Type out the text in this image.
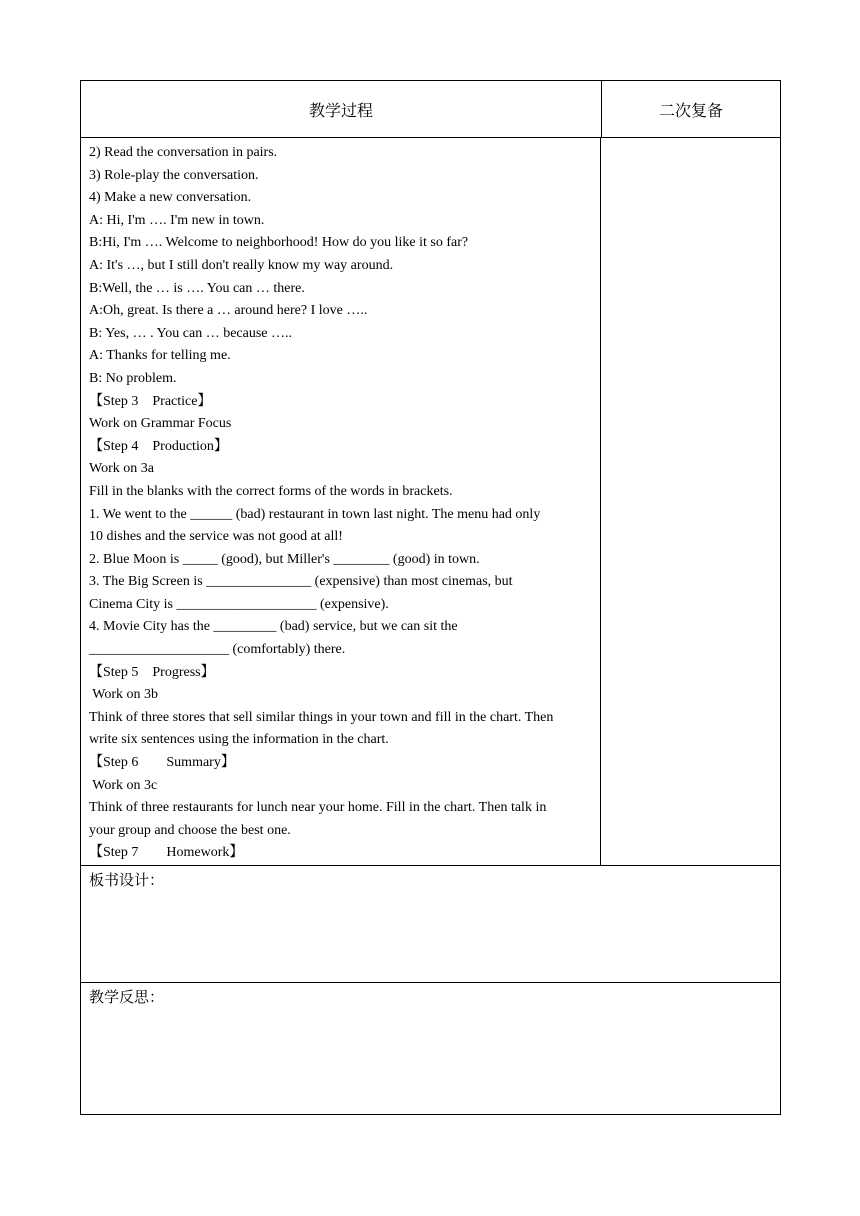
教学过程	二次复备

2) Read the conversation in pairs.

3) Role-play the conversation.

4) Make a new conversation.

A: Hi, I'm …. I'm new in town.

B:Hi, I'm …. Welcome to neighborhood! How do you like it so far?

A: It's …, but I still don't really know my way around.

B:Well, the … is …. You can … there.

A:Oh, great. Is there a … around here? I love …..

B: Yes, … . You can … because …..

A: Thanks for telling me.

B: No problem.

【Step 3　Practice】

Work on Grammar Focus

【Step 4　Production】

Work on 3a

Fill in the blanks with the correct forms of the words in brackets.

1. We went to the ______ (bad) restaurant in town last night. The menu had only

10 dishes and the service was not good at all!

2. Blue Moon is _____ (good), but Miller's ________ (good) in town.

3. The Big Screen is _______________ (expensive) than most cinemas, but

Cinema City is ____________________ (expensive).

4. Movie City has the _________ (bad) service, but we can sit the

____________________ (comfortably) there.

【Step 5　Progress】

Work on 3b

Think of three stores that sell similar things in your town and fill in the chart. Then

write six sentences using the information in the chart.

【Step 6　　Summary】

Work on 3c

Think of three restaurants for lunch near your home. Fill in the chart. Then talk in

your group and choose the best one.

【Step 7　　Homework】

板书设计：
教学反思：
